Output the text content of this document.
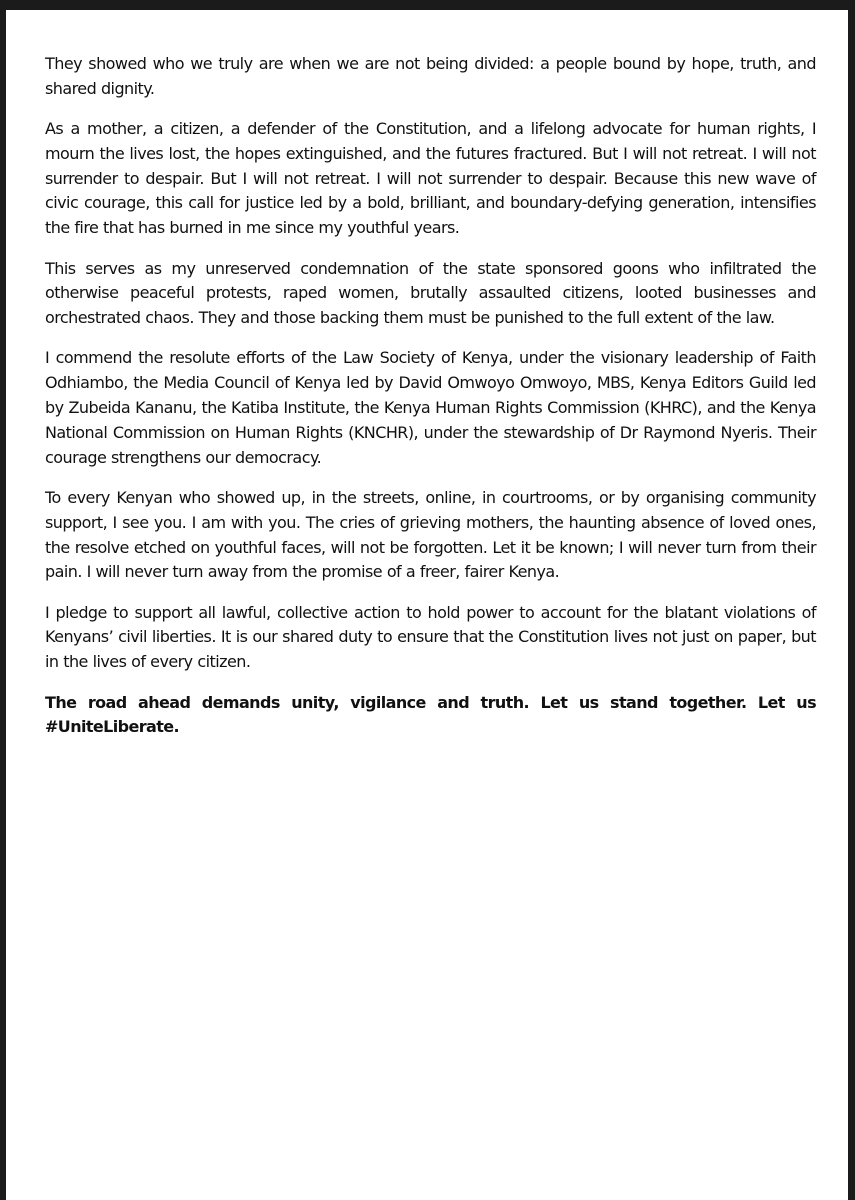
They showed who we truly are when we are not being divided: a people bound by hope, truth, and shared dignity.

As a mother, a citizen, a defender of the Constitution, and a lifelong advocate for human rights, I mourn the lives lost, the hopes extinguished, and the futures fractured. But I will not retreat. I will not surrender to despair. But I will not retreat. I will not surrender to despair. Because this new wave of civic courage, this call for justice led by a bold, brilliant, and boundary-defying generation, intensifies the fire that has burned in me since my youthful years.

This serves as my unreserved condemnation of the state sponsored goons who infiltrated the otherwise peaceful protests, raped women, brutally assaulted citizens, looted businesses and orchestrated chaos. They and those backing them must be punished to the full extent of the law.

I commend the resolute efforts of the Law Society of Kenya, under the visionary leadership of Faith Odhiambo, the Media Council of Kenya led by David Omwoyo Omwoyo, MBS, Kenya Editors Guild led by Zubeida Kananu, the Katiba Institute, the Kenya Human Rights Commission (KHRC), and the Kenya National Commission on Human Rights (KNCHR), under the stewardship of Dr Raymond Nyeris. Their courage strengthens our democracy.

To every Kenyan who showed up, in the streets, online, in courtrooms, or by organising community support, I see you. I am with you. The cries of grieving mothers, the haunting absence of loved ones, the resolve etched on youthful faces, will not be forgotten. Let it be known; I will never turn from their pain. I will never turn away from the promise of a freer, fairer Kenya.

I pledge to support all lawful, collective action to hold power to account for the blatant violations of Kenyans’ civil liberties. It is our shared duty to ensure that the Constitution lives not just on paper, but in the lives of every citizen.

The road ahead demands unity, vigilance and truth. Let us stand together. Let us #UniteLiberate.
